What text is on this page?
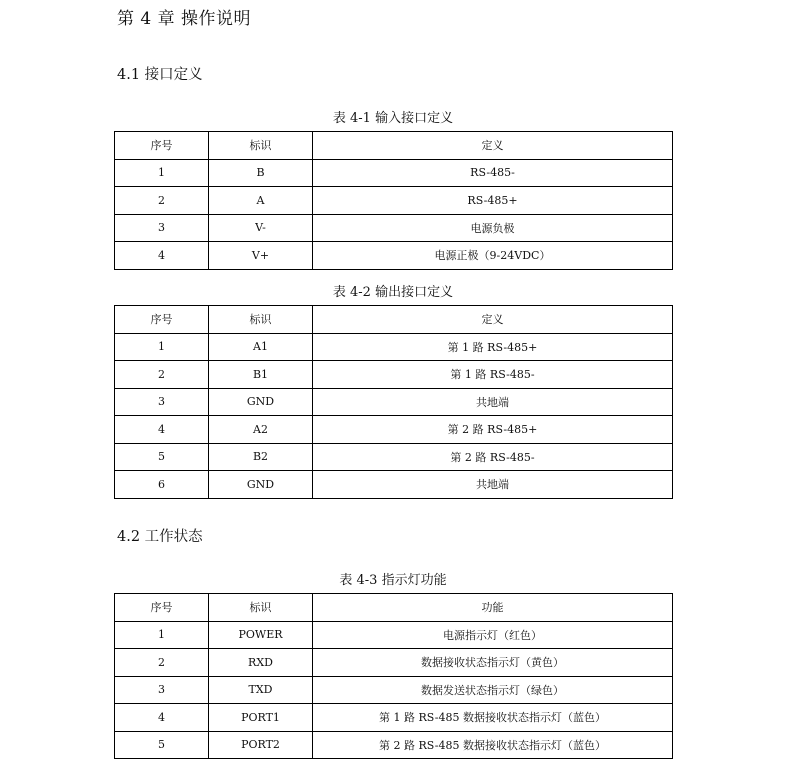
第 4 章 操作说明
4.1 接口定义
表 4-1 输入接口定义
序号	标识	定义
1	B	RS-485-
2	A	RS-485+
3	V-	电源负极
4	V+	电源正极（9-24VDC）
表 4-2 输出接口定义
序号	标识	定义
1	A1	第 1 路 RS-485+
2	B1	第 1 路 RS-485-
3	GND	共地端
4	A2	第 2 路 RS-485+
5	B2	第 2 路 RS-485-
6	GND	共地端
4.2 工作状态
表 4-3 指示灯功能
序号	标识	功能
1	POWER	电源指示灯（红色）
2	RXD	数据接收状态指示灯（黄色）
3	TXD	数据发送状态指示灯（绿色）
4	PORT1	第 1 路 RS-485 数据接收状态指示灯（蓝色）
5	PORT2	第 2 路 RS-485 数据接收状态指示灯（蓝色）
